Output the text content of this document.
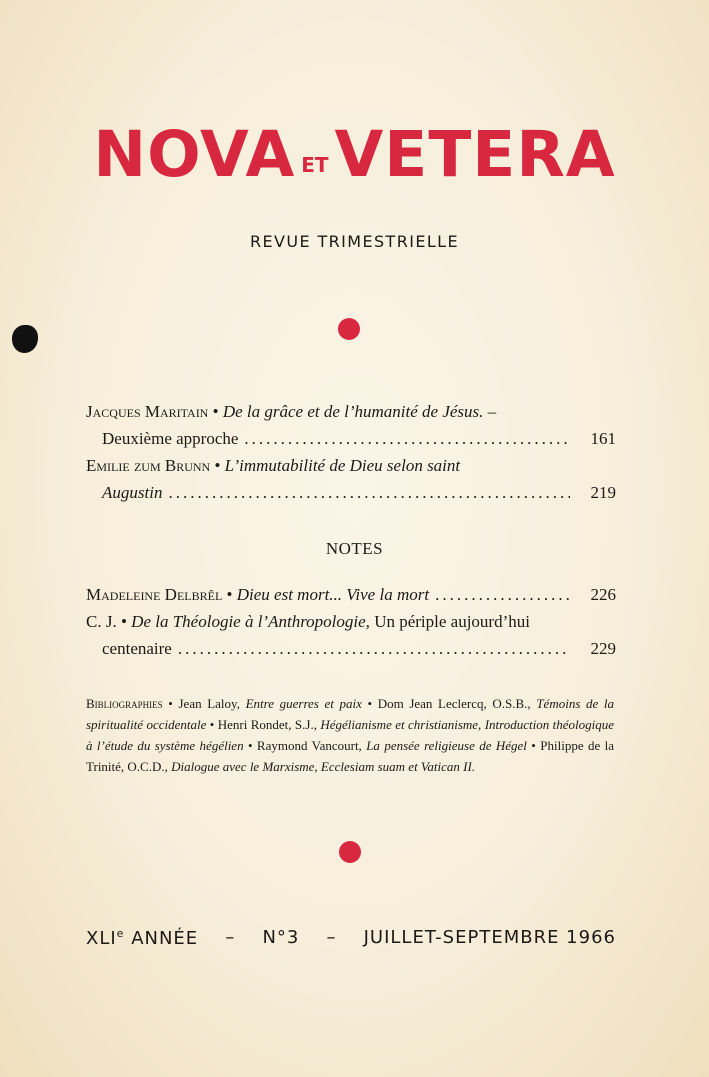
NOVA ETVETERA
REVUE TRIMESTRIELLE
Jacques Maritain • De la grâce et de l’humanité de Jésus. –
Deuxième approche .....	161
Emilie zum Brunn • L’immutabilité de Dieu selon saint
Augustin .....	219
NOTES
Madeleine Delbrêl • Dieu est mort... Vive la mort .....	226
C. J. • De la Théologie à l’Anthropologie, Un périple aujourd’hui
centenaire .....	229
Bibliographies • Jean Laloy, Entre guerres et paix • Dom Jean Leclercq, O.S.B., Témoins de la spiritualité occidentale • Henri Rondet, S.J., Hégélianisme et christianisme, Introduction théologique à l’étude du système hégélien • Raymond Vancourt, La pensée religieuse de Hégel • Philippe de la Trinité, O.C.D., Dialogue avec le Marxisme, Ecclesiam suam et Vatican II.
XLIe ANNÉE – N°3 – JUILLET-SEPTEMBRE 1966
